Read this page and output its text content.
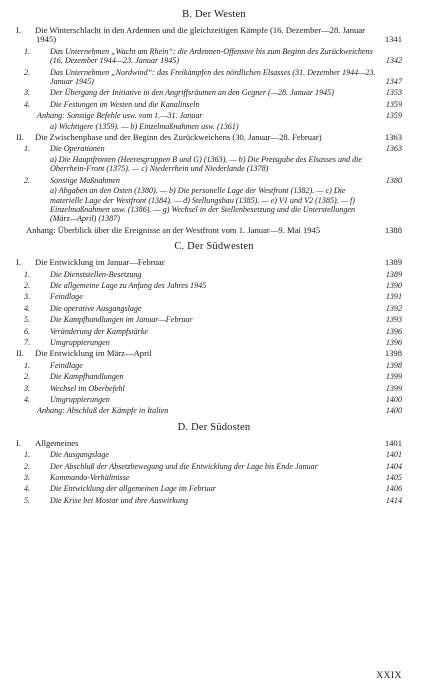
B. Der Westen
I. Die Winterschlacht in den Ardennen und die gleichzeitigen Kämpfe (16. Dezember—28. Januar 1945)	1341
1. Das Unternehmen „Wacht am Rhein“: die Ardennen-Offensive bis zum Beginn des Zurückweichens (16. Dezember 1944—23. Januar 1945)	1342
2. Das Unternehmen „Nordwind“: das Freikämpfen des nördlichen Elsasses (31. Dezember 1944—23. Januar 1945)	1347
3. Der Übergang der Initiative in den Angriffsräumen an den Gegner (—28. Januar 1945)	1353
4. Die Festungen im Westen und die Kanalinseln	1359
Anhang: Sonstige Befehle usw. vom 1.—31. Januar	1359
a) Wichtigere (1359). — b) Einzelmaßnahmen usw. (1361)
II. Die Zwischenphase und der Beginn des Zurückweichens (30. Januar—28. Februar)	1363
1. Die Operationen	1363
a) Die Hauptfronten (Heeresgruppen B und G) (1363). — b) Die Preisgabe des Elsasses und die Oberrhein-Front (1375). — c) Niederrhein und Niederlande (1378)
2. Sonstige Maßnahmen	1380
a) Abgaben an den Osten (1380). — b) Die personelle Lage der Westfront (1382). — c) Die materielle Lage der Westfront (1384). — d) Stellungsbau (1385). — e) V1 und V2 (1385). — f) Einzelmaßnahmen usw. (1386). — g) Wechsel in der Stellenbesetzung und die Unterstellungen (März—April) (1387)
Anhang: Überblick über die Ereignisse an der Westfront vom 1. Januar—9. Mai 1945	1388
C. Der Südwesten
I. Die Entwicklung im Januar—Februar	1389
1. Die Dienststellen-Besetzung	1389
2. Die allgemeine Lage zu Anfang des Jahres 1945	1390
3. Feindlage	1391
4. Die operative Ausgangslage	1392
5. Die Kampfhandlungen im Januar—Februar	1393
6. Veränderung der Kampfstärke	1396
7. Umgruppierungen	1396
II. Die Entwicklung im März—April	1398
1. Feindlage	1398
2. Die Kampfhandlungen	1399
3. Wechsel im Oberbefehl	1399
4. Umgruppierungen	1400
Anhang: Abschluß der Kämpfe in Italien	1400
D. Der Südosten
I. Allgemeines	1401
1. Die Ausgangslage	1401
2. Der Abschluß der Absetzbewegung und die Entwicklung der Lage bis Ende Januar	1404
3. Kommando-Verhältnisse	1405
4. Die Entwicklung der allgemeinen Lage im Februar	1406
5. Die Krise bei Mostar und ihre Auswirkung	1414
XXIX
